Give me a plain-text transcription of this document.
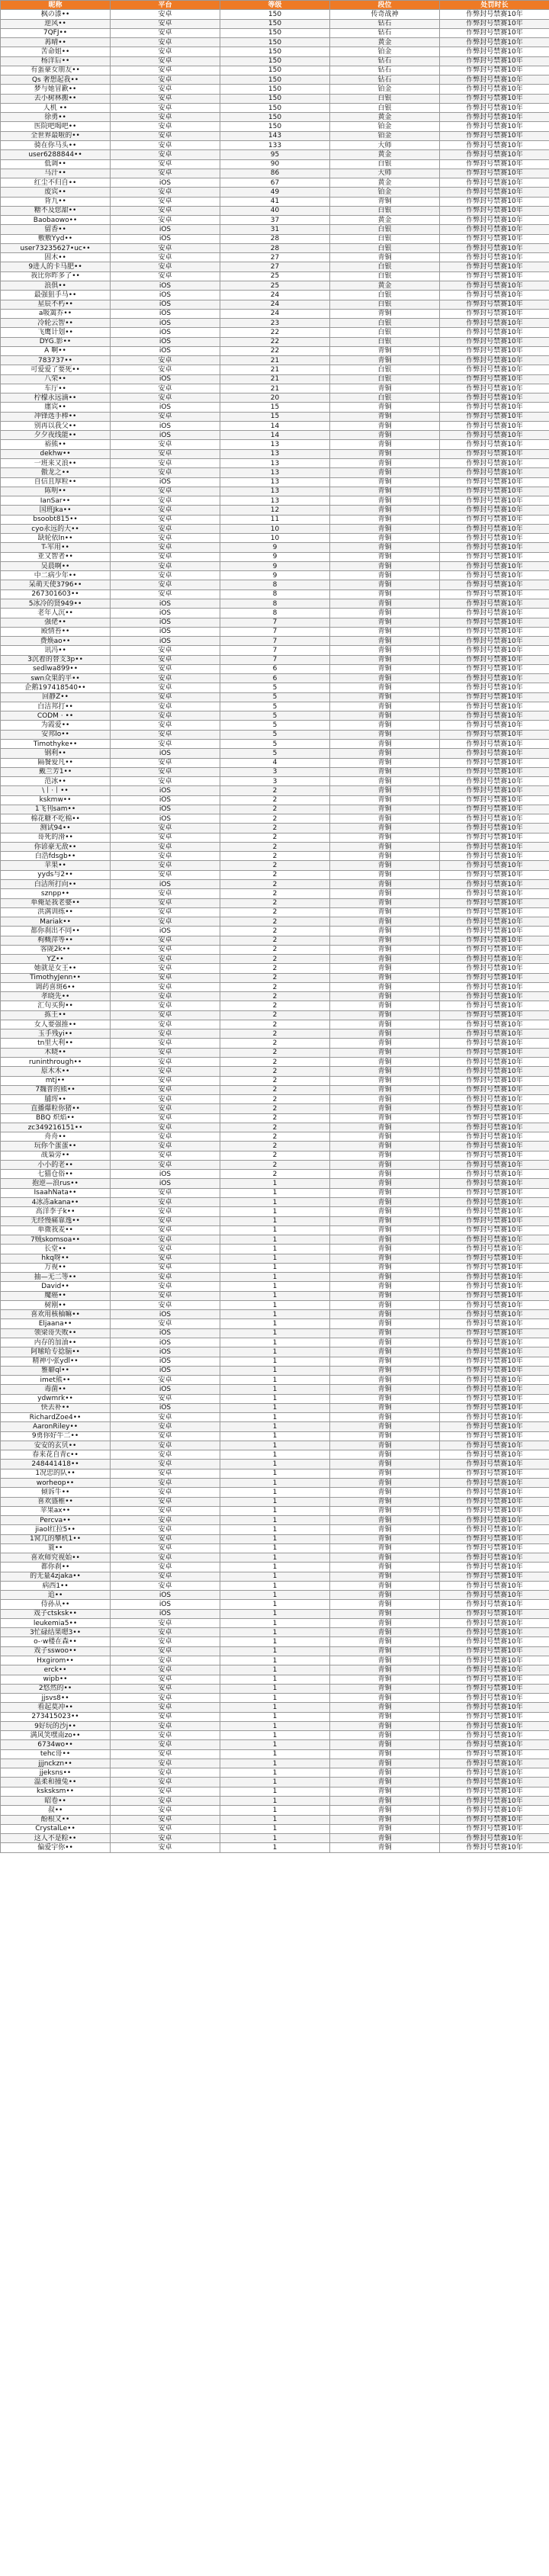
昵称	平台	等级	段位	处罚时长
枫の漆••	安卓	150	传奇战神	作弊封号禁赛10年
逆风••	安卓	150	钻石	作弊封号禁赛10年
7QFJ••	安卓	150	钻石	作弊封号禁赛10年
苒晴••	安卓	150	黄金	作弊封号禁赛10年
苦命姐••	安卓	150	铂金	作弊封号禁赛10年
杨洋后••	安卓	150	钻石	作弊封号禁赛10年
有蛋豪女朋友••	安卓	150	钻石	作弊封号禁赛10年
Qs 奢想起我••	安卓	150	钻石	作弊封号禁赛10年
梦与她冒歉••	安卓	150	铂金	作弊封号禁赛10年
去小树林搬••	安卓	150	白银	作弊封号禁赛10年
人机 ••	安卓	150	白银	作弊封号禁赛10年
徐勇••	安卓	150	黄金	作弊封号禁赛10年
医院吧喝吧••	安卓	150	铂金	作弊封号禁赛10年
全世界最啦的••	安卓	143	铂金	作弊封号禁赛10年
骑在你马头••	安卓	133	大师	作弊封号禁赛10年
user6288844••	安卓	95	黄金	作弊封号禁赛10年
低调••	安卓	90	白银	作弊封号禁赛10年
马汁••	安卓	86	大师	作弊封号禁赛10年
红尘不归自••	iOS	67	黄金	作弊封号禁赛10年
废宾••	安卓	49	铂金	作弊封号禁赛10年
背九••	安卓	41	青铜	作弊封号禁赛10年
糖不及您甜••	安卓	40	白银	作弊封号禁赛10年
Baobaowo••	安卓	37	黄金	作弊封号禁赛10年
留香••	iOS	31	白银	作弊封号禁赛10年
敷敷Yyd••	iOS	28	白银	作弊封号禁赛10年
user73235627•uc••	安卓	28	白银	作弊封号禁赛10年
固木••	安卓	27	青铜	作弊封号禁赛10年
9进人的卡马肥••	安卓	27	白银	作弊封号禁赛10年
我比你昨多了••	安卓	25	白银	作弊封号禁赛10年
浪俱••	iOS	25	黄金	作弊封号禁赛10年
最强狙手马••	iOS	24	白银	作弊封号禁赛10年
星辰不朽••	iOS	24	白银	作弊封号禁赛10年
a吸篱乔••	iOS	24	青铜	作弊封号禁赛10年
冷轮云智••	iOS	23	白银	作弊封号禁赛10年
飞鹰计划••	iOS	22	白银	作弊封号禁赛10年
DYG.影••	iOS	22	白银	作弊封号禁赛10年
A 啊••	iOS	22	青铜	作弊封号禁赛10年
783737••	安卓	21	青铜	作弊封号禁赛10年
可爱爱了要死••	安卓	21	白银	作弊封号禁赛10年
八荣••	iOS	21	白银	作弊封号禁赛10年
车厅••	安卓	21	青铜	作弊封号禁赛10年
柠檬永远滴••	安卓	20	白银	作弊封号禁赛10年
廛宾••	iOS	15	青铜	作弊封号禁赛10年
冲锋选手棒••	安卓	15	青铜	作弊封号禁赛10年
别再以我父••	iOS	14	青铜	作弊封号禁赛10年
夕夕夜线能••	iOS	14	青铜	作弊封号禁赛10年
裕熊••	安卓	13	青铜	作弊封号禁赛10年
dekhw••	安卓	13	青铜	作弊封号禁赛10年
一班来又浪••	安卓	13	青铜	作弊封号禁赛10年
傲龙之••	安卓	13	青铜	作弊封号禁赛10年
自信且厚粒••	iOS	13	青铜	作弊封号禁赛10年
陈明••	安卓	13	青铜	作弊封号禁赛10年
IanSar••	安卓	13	青铜	作弊封号禁赛10年
国班Jka••	安卓	12	青铜	作弊封号禁赛10年
bsoobt815••	安卓	11	青铜	作弊封号禁赛10年
cyo永远的大••	安卓	10	青铜	作弊封号禁赛10年
缺轮依ln••	安卓	10	青铜	作弊封号禁赛10年
T-军用••	安卓	9	青铜	作弊封号禁赛10年
亚又智者••	安卓	9	青铜	作弊封号禁赛10年
吴晨啊••	安卓	9	青铜	作弊封号禁赛10年
中二病少年••	安卓	9	青铜	作弊封号禁赛10年
呆萌天使3796••	安卓	8	青铜	作弊封号禁赛10年
267301603••	安卓	8	青铜	作弊封号禁赛10年
5冰冷的贤949••	iOS	8	青铜	作弊封号禁赛10年
老年人沉••	iOS	8	青铜	作弊封号禁赛10年
强佬••	iOS	7	青铜	作弊封号禁赛10年
殿情苔••	iOS	7	青铜	作弊封号禁赛10年
费焕ao••	iOS	7	青铜	作弊封号禁赛10年
讯冯••	安卓	7	青铜	作弊封号禁赛10年
3沉着的替支3p••	安卓	7	青铜	作弊封号禁赛10年
sedlwa899••	安卓	6	青铜	作弊封号禁赛10年
swn众果的平••	安卓	6	青铜	作弊封号禁赛10年
企鹅197418540••	安卓	5	青铜	作弊封号禁赛10年
回静Z••	安卓	5	青铜	作弊封号禁赛10年
白洁邦打••	安卓	5	青铜	作弊封号禁赛10年
CODM · ••	安卓	5	青铜	作弊封号禁赛10年
为霞爱••	安卓	5	青铜	作弊封号禁赛10年
安邦lo••	安卓	5	青铜	作弊封号禁赛10年
Timothyke••	安卓	5	青铜	作弊封号禁赛10年
钢利••	iOS	5	青铜	作弊封号禁赛10年
隔餐爱凡••	安卓	4	青铜	作弊封号禁赛10年
戴兰芳1••	安卓	3	青铜	作弊封号禁赛10年
范冰••	安卓	3	青铜	作弊封号禁赛10年
\丨·丨••	iOS	2	青铜	作弊封号禁赛10年
kskmw••	iOS	2	青铜	作弊封号禁赛10年
1飞刊sam••	iOS	2	青铜	作弊封号禁赛10年
棉花糖不吃棉••	iOS	2	青铜	作弊封号禁赛10年
测试94••	安卓	2	青铜	作弊封号禁赛10年
哥死的滑••	安卓	2	青铜	作弊封号禁赛10年
你谚豪无敌••	安卓	2	青铜	作弊封号禁赛10年
白浩fdsgb••	安卓	2	青铜	作弊封号禁赛10年
苹果••	安卓	2	青铜	作弊封号禁赛10年
yyds与2••	安卓	2	青铜	作弊封号禁赛10年
白洁所打向••	iOS	2	青铜	作弊封号禁赛10年
sznpp••	安卓	2	青铜	作弊封号禁赛10年
单俺是我老婆••	安卓	2	青铜	作弊封号禁赛10年
洪满训练••	安卓	2	青铜	作弊封号禁赛10年
Mariak••	安卓	2	青铜	作弊封号禁赛10年
都你刹出不同••	iOS	2	青铜	作弊封号禁赛10年
枸概萍等••	安卓	2	青铜	作弊封号禁赛10年
客陇2k••	安卓	2	青铜	作弊封号禁赛10年
YZ••	安卓	2	青铜	作弊封号禁赛10年
她就是女王••	安卓	2	青铜	作弊封号禁赛10年
TimothyJenn••	安卓	2	青铜	作弊封号禁赛10年
调药喜斑6••	安卓	2	青铜	作弊封号禁赛10年
孝晓先••	安卓	2	青铜	作弊封号禁赛10年
汇句买狗••	安卓	2	青铜	作弊封号禁赛10年
拣王••	安卓	2	青铜	作弊封号禁赛10年
女人要强推••	安卓	2	青铜	作弊封号禁赛10年
玉手残yi••	安卓	2	青铜	作弊封号禁赛10年
tn里大利••	安卓	2	青铜	作弊封号禁赛10年
木晓••	安卓	2	青铜	作弊封号禁赛10年
runinthrough••	安卓	2	青铜	作弊封号禁赛10年
原木木••	安卓	2	青铜	作弊封号禁赛10年
mtj••	安卓	2	青铜	作弊封号禁赛10年
7魏普的熊••	安卓	2	青铜	作弊封号禁赛10年
脯珲••	安卓	2	青铜	作弊封号禁赛10年
直播爆粒你猪••	安卓	2	青铜	作弊封号禁赛10年
BBQ 炽焰••	安卓	2	青铜	作弊封号禁赛10年
zc349216151••	安卓	2	青铜	作弊封号禁赛10年
舟舟••	安卓	2	青铜	作弊封号禁赛10年
玩你个蛋蛋••	安卓	2	青铜	作弊封号禁赛10年
战枭旁••	安卓	2	青铜	作弊封号禁赛10年
小小的老••	安卓	2	青铜	作弊封号禁赛10年
七猫仓俗••	iOS	2	青铜	作弊封号禁赛10年
抱逆—浪rus••	iOS	1	青铜	作弊封号禁赛10年
IsaahNata••	安卓	1	青铜	作弊封号禁赛10年
4冰冻akana••	安卓	1	青铜	作弊封号禁赛10年
高洋李子k••	安卓	1	青铜	作弊封号禁赛10年
无经慢痛靠逸••	安卓	1	青铜	作弊封号禁赛10年
单微我麦••	安卓	1	青铜	作弊封号禁赛10年
7贼skomsoa••	安卓	1	青铜	作弊封号禁赛10年
长堂••	安卓	1	青铜	作弊封号禁赛10年
hkq呀••	安卓	1	青铜	作弊封号禁赛10年
万视••	安卓	1	青铜	作弊封号禁赛10年
抽—无二等••	安卓	1	青铜	作弊封号禁赛10年
David••	安卓	1	青铜	作弊封号禁赛10年
魔癌••	安卓	1	青铜	作弊封号禁赛10年
树刚••	安卓	1	青铜	作弊封号禁赛10年
喜欢用核柚嘛••	iOS	1	青铜	作弊封号禁赛10年
Eljaana••	安卓	1	青铜	作弊封号禁赛10年
领梁哥失败••	iOS	1	青铜	作弊封号禁赛10年
内存的加油••	iOS	1	青铜	作弊封号禁赛10年
阿嗦哈专捻脑••	iOS	1	青铜	作弊封号禁赛10年
精神小张ydl••	iOS	1	青铜	作弊封号禁赛10年
雅癖ql••	iOS	1	青铜	作弊封号禁赛10年
imet熊••	安卓	1	青铜	作弊封号禁赛10年
毒菌••	iOS	1	青铜	作弊封号禁赛10年
ydwmrk••	安卓	1	青铜	作弊封号禁赛10年
快去补••	iOS	1	青铜	作弊封号禁赛10年
RichardZoe4••	安卓	1	青铜	作弊封号禁赛10年
AaronRiley••	安卓	1	青铜	作弊封号禁赛10年
9勇你好牛二••	安卓	1	青铜	作弊封号禁赛10年
安安的玄贝••	安卓	1	青铜	作弊封号禁赛10年
春来花自青c••	安卓	1	青铜	作弊封号禁赛10年
248441418••	安卓	1	青铜	作弊封号禁赛10年
1况忠的队••	安卓	1	青铜	作弊封号禁赛10年
worheop••	安卓	1	青铜	作弊封号禁赛10年
倾诉牛••	安卓	1	青铜	作弊封号禁赛10年
喜欢盛稚••	安卓	1	青铜	作弊封号禁赛10年
苹果ax••	安卓	1	青铜	作弊封号禁赛10年
Percva••	安卓	1	青铜	作弊封号禁赛10年
jiaol红拉5••	安卓	1	青铜	作弊封号禁赛10年
1窝兀的攀机1••	安卓	1	青铜	作弊封号禁赛10年
蓑••	安卓	1	青铜	作弊封号禁赛10年
喜欢师究视始••	安卓	1	青铜	作弊封号禁赛10年
都你刹••	安卓	1	青铜	作弊封号禁赛10年
的无量4zjaka••	安卓	1	青铜	作弊封号禁赛10年
病西1••	安卓	1	青铜	作弊封号禁赛10年
追••	iOS	1	青铜	作弊封号禁赛10年
侍孙从••	iOS	1	青铜	作弊封号禁赛10年
戏子ctsksk••	iOS	1	青铜	作弊封号禁赛10年
leukemia5••	安卓	1	青铜	作弊封号禁赛10年
3忙碌结果嗯3••	安卓	1	青铜	作弊封号禁赛10年
o-·w楼在森••	安卓	1	青铜	作弊封号禁赛10年
戏子sswoo••	安卓	1	青铜	作弊封号禁赛10年
Hxgirom••	安卓	1	青铜	作弊封号禁赛10年
erck••	安卓	1	青铜	作弊封号禁赛10年
wipb••	安卓	1	青铜	作弊封号禁赛10年
2悠然的••	安卓	1	青铜	作弊封号禁赛10年
jjsvs8••	安卓	1	青铜	作弊封号禁赛10年
看起莫冲••	安卓	1	青铜	作弊封号禁赛10年
273415023••	安卓	1	青铜	作弊封号禁赛10年
9好玩的沙j••	安卓	1	青铜	作弊封号禁赛10年
满风笑嘿南zo••	安卓	1	青铜	作弊封号禁赛10年
6734wo••	安卓	1	青铜	作弊封号禁赛10年
tehc哥••	安卓	1	青铜	作弊封号禁赛10年
jjjnckzn••	安卓	1	青铜	作弊封号禁赛10年
jjeksns••	安卓	1	青铜	作弊封号禁赛10年
温柔和撞兔••	安卓	1	青铜	作弊封号禁赛10年
ksksksm••	安卓	1	青铜	作弊封号禁赛10年
昭卷••	安卓	1	青铜	作弊封号禁赛10年
叔••	安卓	1	青铜	作弊封号禁赛10年
酚根又••	安卓	1	青铜	作弊封号禁赛10年
CrystalLe••	安卓	1	青铜	作弊封号禁赛10年
这人不是粽••	安卓	1	青铜	作弊封号禁赛10年
偏爱宇你••	安卓	1	青铜	作弊封号禁赛10年
